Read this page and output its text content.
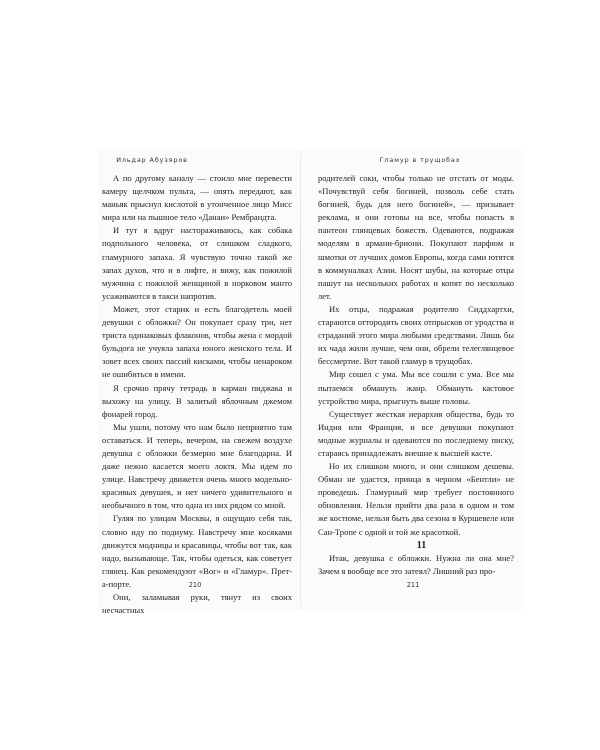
Ильдар Абузяров	Гламур в трущобах

А по другому каналу — стоило мне перевести камеру щелчком пульта, — опять передают, как маньяк прыснул кислотой в утонченное лицо Мисс мира или на пышное тело «Данаи» Рембрандта.

И тут я вдруг настораживаюсь, как собака подпольного человека, от слишком сладкого, гламурного запаха. Я чувствую точно такой же запах духов, что и в лифте, и вижу, как пожилой мужчина с пожилой женщиной в норковом манто усаживаются в такси напротив.

Может, этот старик и есть благодетель моей девушки с обложки? Он покупает сразу три, нет триста одинаковых флаконов, чтобы жена с мордой бульдога не учуяла запаха юного женского тела. И зовет всех своих пассий кисками, чтобы ненароком не ошибиться в имени.

Я срочно прячу тетрадь в карман пиджака и выхожу на улицу. В залитый яблочным джемом фонарей город.

Мы ушли, потому что нам было неприятно там оставаться. И теперь, вечером, на свежем воздухе девушка с обложки безмерно мне благодарна. И даже нежно касается моего локтя. Мы идем по улице. Навстречу движется очень много модельно-красивых девушек, и нет ничего удивительного и необычного в том, что одна из них рядом со мной.

Гуляя по улицам Москвы, я ощущаю себя так, словно иду по подиуму. Навстречу мне косяками движутся модницы и красавицы, чтобы вот так, как надо, вызывающе. Так, чтобы одеться, как советует глянец. Как рекомендуют «Вог» и «Гламур». Прет-а-порте.

Они, заламывая руки, тянут из своих несчастных

родителей соки, чтобы только не отстать от моды. «Почувствуй себя богиней, позволь себе стать богиней, будь для него богиней», — призывает реклама, и они готовы на все, чтобы попасть в пантеон глянцевых божеств. Одеваются, подражая моделям в армани-бриони. Покупают парфюм и шмотки от лучших домов Европы, когда сами ютятся в коммуналках Азии. Носят шубы, на которые отцы пашут на нескольких работах и копят по несколько лет.

Их отцы, подражая родителю Сиддхартхи, стараются оттородить своих отпрысков от уродства и страданий этого мира любыми средствами. Лишь бы их чада жили лучше, чем они, обрели телеглянцевое бессмертие. Вот такой гламур в трущобах.

Мир сошел с ума. Мы все сошли с ума. Все мы пытаемся обмануть жанр. Обмануть кастовое устройство мира, прыгнуть выше головы.

Существует жесткая иерархия общества, будь то Индия или Франция, и все девушки покупают модные журналы и одеваются по последнему писку, стараясь принадлежать внешне к высшей касте.

Но их слишком много, и они слишком дешевы. Обман не удастся, принца в черном «Бентли» не проведешь. Гламурный мир требует постоянного обновления. Нельзя прийти два раза в одном и том же костюме, нельзя быть два сезона в Куршевеле или Сан-Тропе с одной и той же красоткой.

11

Итак, девушка с обложки. Нужна ли она мне? Зачем я вообще все это затеял? Лишний раз про-

210	211
